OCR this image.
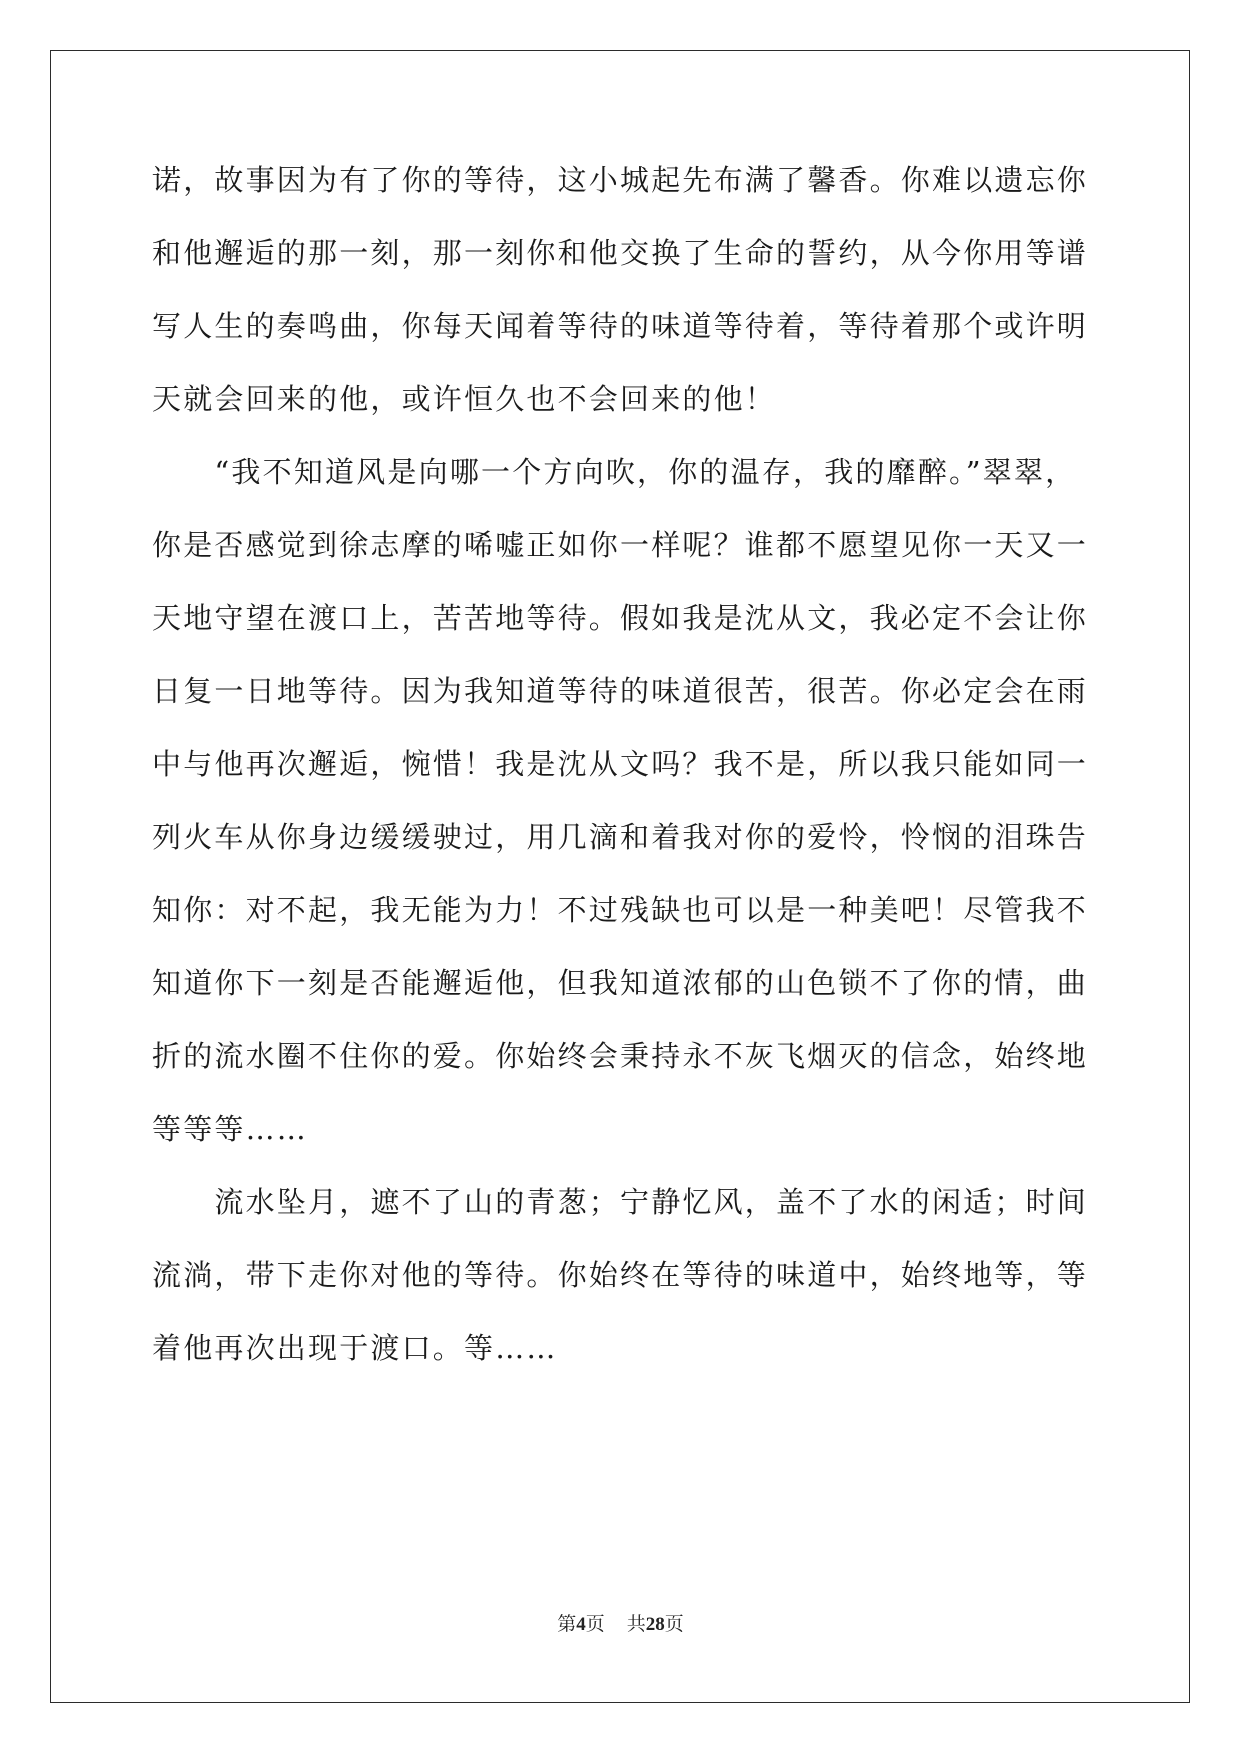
诺，故事因为有了你的等待，这小城起先布满了馨香。你难以遗忘你
和他邂逅的那一刻，那一刻你和他交换了生命的誓约，从今你用等谱
写人生的奏鸣曲，你每天闻着等待的味道等待着，等待着那个或许明
天就会回来的他，或许恒久也不会回来的他！
　　“我不知道风是向哪一个方向吹，你的温存，我的靡醉。”翠翠，
你是否感觉到徐志摩的唏嘘正如你一样呢？谁都不愿望见你一天又一
天地守望在渡口上，苦苦地等待。假如我是沈从文，我必定不会让你
日复一日地等待。因为我知道等待的味道很苦，很苦。你必定会在雨
中与他再次邂逅，惋惜！我是沈从文吗？我不是，所以我只能如同一
列火车从你身边缓缓驶过，用几滴和着我对你的爱怜，怜悯的泪珠告
知你：对不起，我无能为力！不过残缺也可以是一种美吧！尽管我不
知道你下一刻是否能邂逅他，但我知道浓郁的山色锁不了你的情，曲
折的流水圈不住你的爱。你始终会秉持永不灰飞烟灭的信念，始终地
等等等……
　　流水坠月，遮不了山的青葱；宁静忆风，盖不了水的闲适；时间
流淌，带下走你对他的等待。你始终在等待的味道中，始终地等，等
着他再次出现于渡口。等……
第4页 共28页
